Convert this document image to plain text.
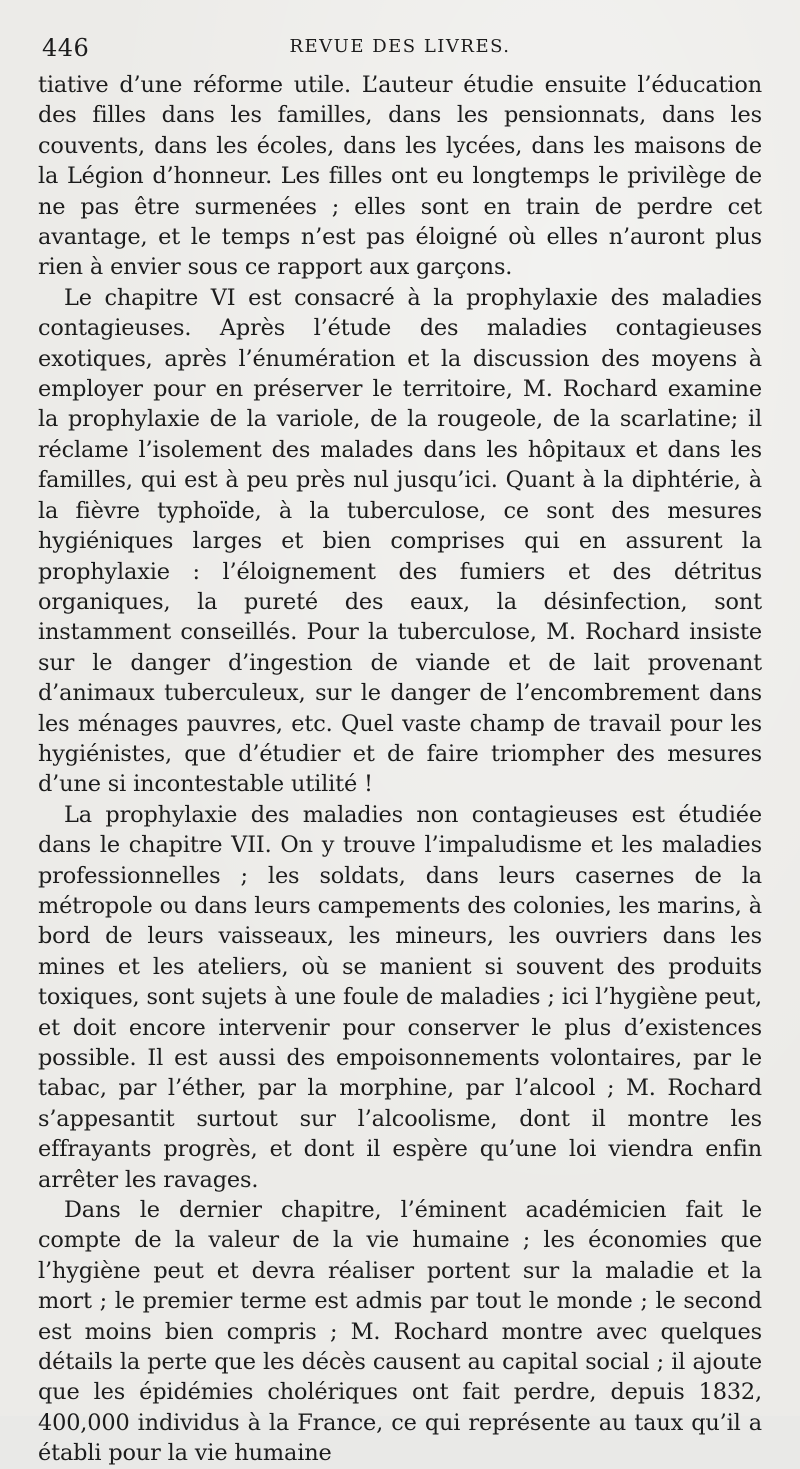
446	REVUE DES LIVRES.

tiative d’une réforme utile. L’auteur étudie ensuite l’éducation des filles dans les familles, dans les pensionnats, dans les couvents, dans les écoles, dans les lycées, dans les maisons de la Légion d’honneur. Les filles ont eu longtemps le privilège de ne pas être surmenées ; elles sont en train de perdre cet avantage, et le temps n’est pas éloigné où elles n’auront plus rien à envier sous ce rapport aux garçons.

Le chapitre VI est consacré à la prophylaxie des maladies contagieuses. Après l’étude des maladies contagieuses exotiques, après l’énumération et la discussion des moyens à employer pour en préserver le territoire, M. Rochard examine la prophylaxie de la variole, de la rougeole, de la scarlatine; il réclame l’isolement des malades dans les hôpitaux et dans les familles, qui est à peu près nul jusqu’ici. Quant à la diphtérie, à la fièvre typhoïde, à la tuberculose, ce sont des mesures hygiéniques larges et bien comprises qui en assurent la prophylaxie : l’éloignement des fumiers et des détritus organiques, la pureté des eaux, la désinfection, sont instamment conseillés. Pour la tuberculose, M. Rochard insiste sur le danger d’ingestion de viande et de lait provenant d’animaux tuberculeux, sur le danger de l’encombrement dans les ménages pauvres, etc. Quel vaste champ de travail pour les hygiénistes, que d’étudier et de faire triompher des mesures d’une si incontestable utilité !

La prophylaxie des maladies non contagieuses est étudiée dans le chapitre VII. On y trouve l’impaludisme et les maladies professionnelles ; les soldats, dans leurs casernes de la métropole ou dans leurs campements des colonies, les marins, à bord de leurs vaisseaux, les mineurs, les ouvriers dans les mines et les ateliers, où se manient si souvent des produits toxiques, sont sujets à une foule de maladies ; ici l’hygiène peut, et doit encore intervenir pour conserver le plus d’existences possible. Il est aussi des empoisonnements volontaires, par le tabac, par l’éther, par la morphine, par l’alcool ; M. Rochard s’appesantit surtout sur l’alcoolisme, dont il montre les effrayants progrès, et dont il espère qu’une loi viendra enfin arrêter les ravages.

Dans le dernier chapitre, l’éminent académicien fait le compte de la valeur de la vie humaine ; les économies que l’hygiène peut et devra réaliser portent sur la maladie et la mort ; le premier terme est admis par tout le monde ; le second est moins bien compris ; M. Rochard montre avec quelques détails la perte que les décès causent au capital social ; il ajoute que les épidémies cholériques ont fait perdre, depuis 1832, 400,000 individus à la France, ce qui représente au taux qu’il a établi pour la vie humaine
